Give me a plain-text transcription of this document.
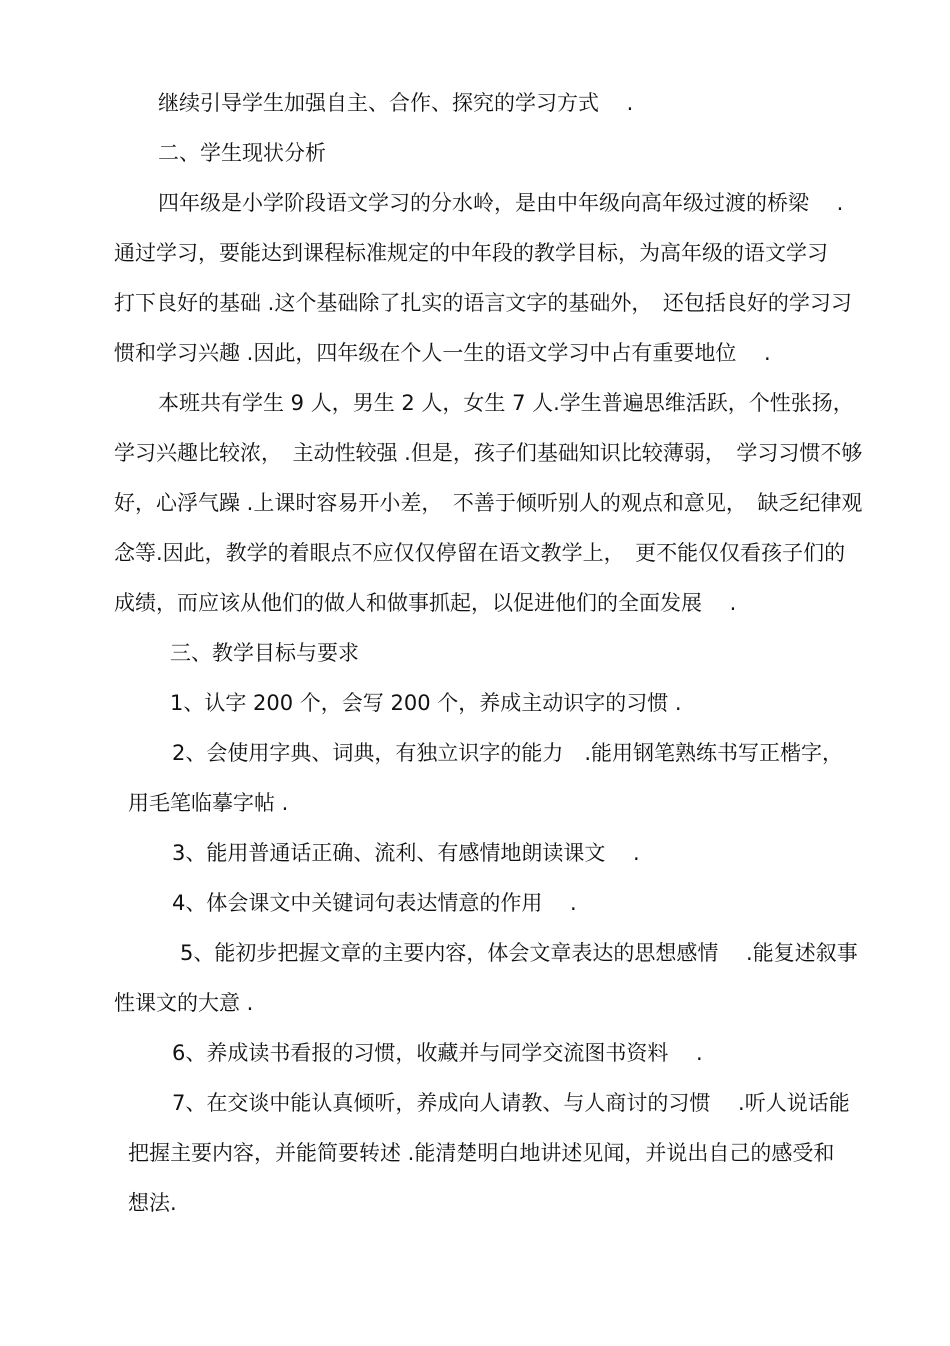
继续引导学生加强自主、合作、探究的学习方式　 .
二、学生现状分析
四年级是小学阶段语文学习的分水岭，是由中年级向高年级过渡的桥梁　 .
通过学习，要能达到课程标准规定的中年段的教学目标，为高年级的语文学习
打下良好的基础 .这个基础除了扎实的语言文字的基础外，　还包括良好的学习习
惯和学习兴趣 .因此，四年级在个人一生的语文学习中占有重要地位　 .
本班共有学生 9 人，男生 2 人，女生 7 人.学生普遍思维活跃，个性张扬，
学习兴趣比较浓，　主动性较强 .但是，孩子们基础知识比较薄弱，　学习习惯不够
好，心浮气躁 .上课时容易开小差，　不善于倾听别人的观点和意见，　缺乏纪律观
念等.因此，教学的着眼点不应仅仅停留在语文教学上，　更不能仅仅看孩子们的
成绩，而应该从他们的做人和做事抓起，以促进他们的全面发展　 .
三、教学目标与要求
1、认字 200 个，会写 200 个，养成主动识字的习惯 .
2、会使用字典、词典，有独立识字的能力　.能用钢笔熟练书写正楷字，
用毛笔临摹字帖 .
3、能用普通话正确、流利、有感情地朗读课文　 .
4、体会课文中关键词句表达情意的作用　 .
5、能初步把握文章的主要内容，体会文章表达的思想感情　 .能复述叙事
性课文的大意 .
6、养成读书看报的习惯，收藏并与同学交流图书资料　 .
7、在交谈中能认真倾听，养成向人请教、与人商讨的习惯　 .听人说话能
把握主要内容，并能简要转述 .能清楚明白地讲述见闻，并说出自己的感受和
想法.
